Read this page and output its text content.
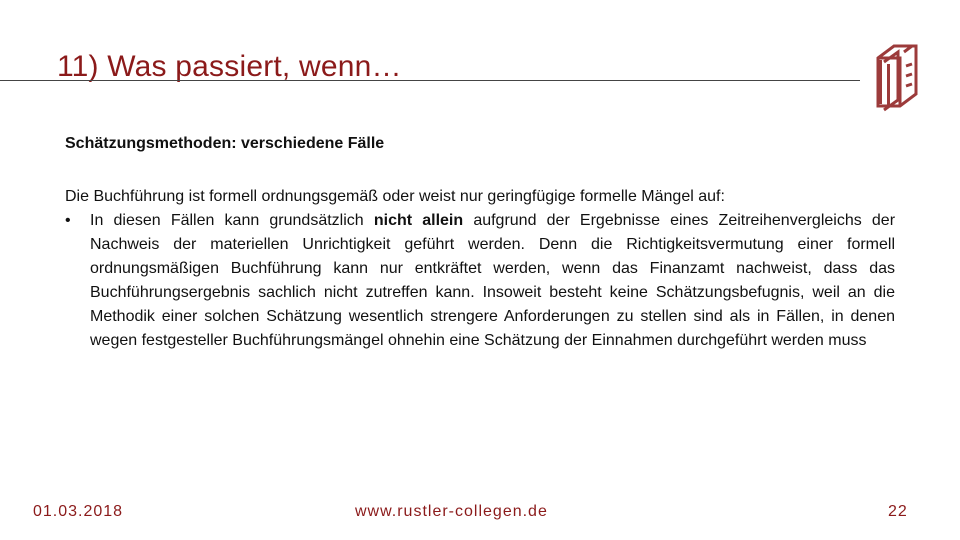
11) Was passiert, wenn…
Schätzungsmethoden: verschiedene Fälle

Die Buchführung ist formell ordnungsgemäß oder weist nur geringfügige formelle Mängel auf:

•	In diesen Fällen kann grundsätzlich nicht allein aufgrund der Ergebnisse eines Zeitreihenvergleichs der Nachweis der materiellen Unrichtigkeit geführt werden. Denn die Richtigkeitsvermutung einer formell ordnungsmäßigen Buchführung kann nur entkräftet werden, wenn das Finanzamt nachweist, dass das Buchführungsergebnis sachlich nicht zutreffen kann. Insoweit besteht keine Schätzungsbefugnis, weil an die Methodik einer solchen Schätzung wesentlich strengere Anforderungen zu stellen sind als in Fällen, in denen wegen festgesteller Buchführungsmängel ohnehin eine Schätzung der Einnahmen durchgeführt werden muss
01.03.2018	www.rustler-collegen.de	22
